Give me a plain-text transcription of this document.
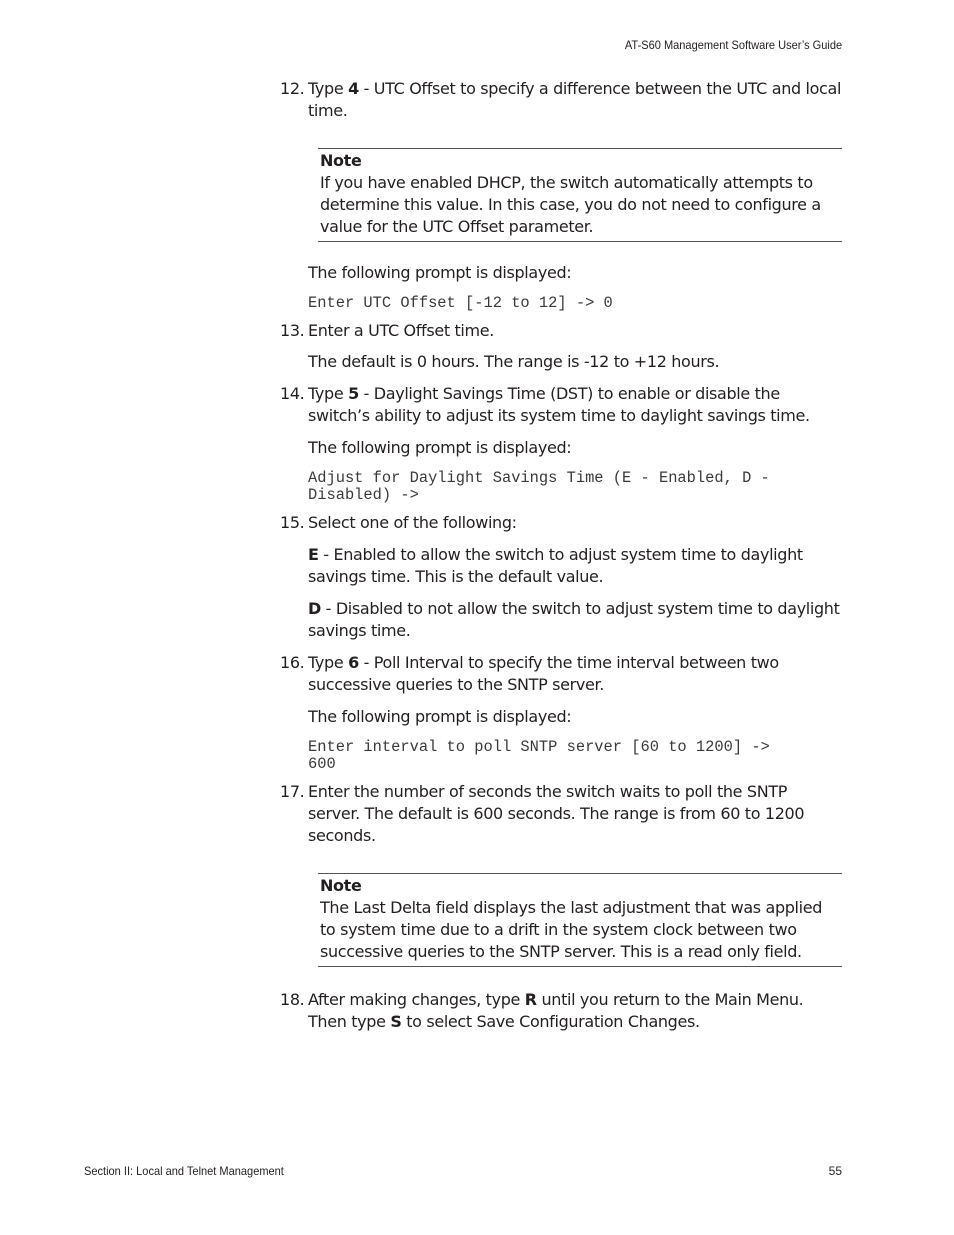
AT-S60 Management Software User’s Guide
12. Type 4 - UTC Offset to specify a difference between the UTC and local time.
Note
If you have enabled DHCP, the switch automatically attempts to determine this value. In this case, you do not need to configure a value for the UTC Offset parameter.
The following prompt is displayed:
Enter UTC Offset [-12 to 12] -> 0
13. Enter a UTC Offset time.
The default is 0 hours. The range is -12 to +12 hours.
14. Type 5 - Daylight Savings Time (DST) to enable or disable the switch’s ability to adjust its system time to daylight savings time.
The following prompt is displayed:
Adjust for Daylight Savings Time (E - Enabled, D -
Disabled) ->
15. Select one of the following:
E - Enabled to allow the switch to adjust system time to daylight savings time. This is the default value.
D - Disabled to not allow the switch to adjust system time to daylight savings time.
16. Type 6 - Poll Interval to specify the time interval between two successive queries to the SNTP server.
The following prompt is displayed:
Enter interval to poll SNTP server [60 to 1200] ->
600
17. Enter the number of seconds the switch waits to poll the SNTP server. The default is 600 seconds. The range is from 60 to 1200 seconds.
Note
The Last Delta field displays the last adjustment that was applied to system time due to a drift in the system clock between two successive queries to the SNTP server. This is a read only field.
18. After making changes, type R until you return to the Main Menu. Then type S to select Save Configuration Changes.
Section II: Local and Telnet Management	55
